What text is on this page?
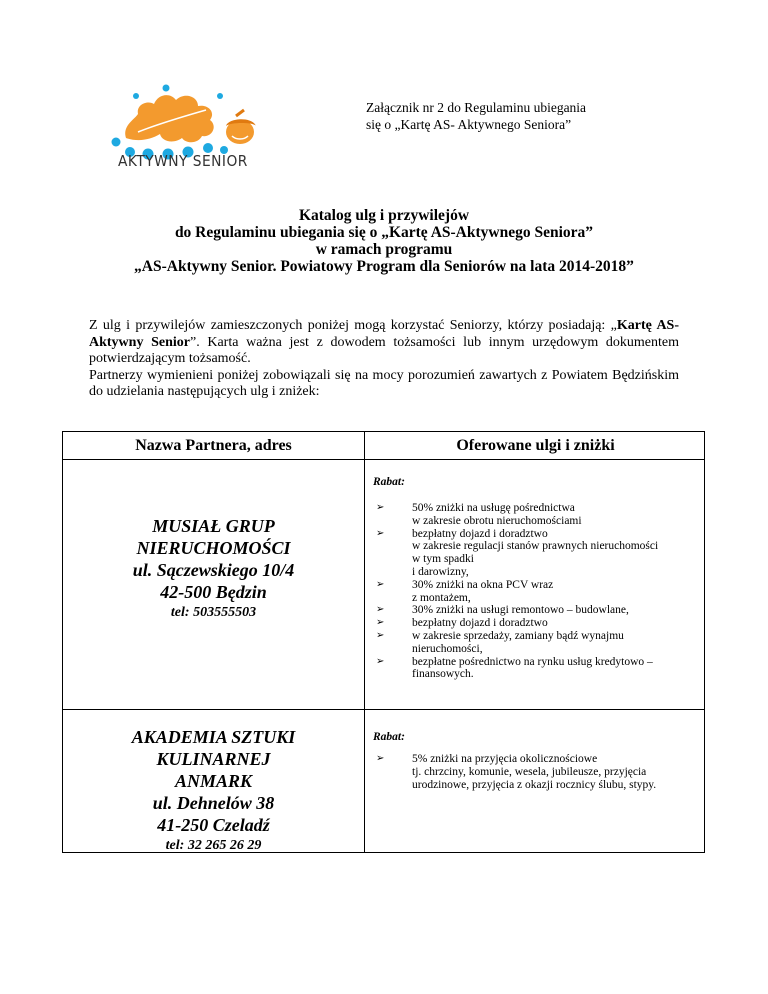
AKTYWNY SENIOR
Załącznik nr 2 do Regulaminu ubiegania
się o „Kartę AS- Aktywnego Seniora”
Katalog ulg i przywilejów
do Regulaminu ubiegania się o „Kartę AS-Aktywnego Seniora”
w ramach programu
„AS-Aktywny Senior. Powiatowy Program dla Seniorów na lata 2014-2018”

Z ulg i przywilejów zamieszczonych poniżej mogą korzystać Seniorzy, którzy posiadają: „Kartę AS-Aktywny Senior”. Karta ważna jest z dowodem tożsamości lub innym urzędowym dokumentem potwierdzającym tożsamość.

Partnerzy wymienieni poniżej zobowiązali się na mocy porozumień zawartych z Powiatem Będzińskim do udzielania następujących ulg i zniżek:

Nazwa Partnera, adres	Oferowane ulgi i zniżki
MUSIAŁ GRUP
NIERUCHOMOŚCI
ul. Sączewskiego 10/4
42-500 Będzin
tel: 503555503
Rabat:
➢ 50% zniżki na usługę pośrednictwa
w zakresie obrotu nieruchomościami
➢ bezpłatny dojazd i doradztwo
w zakresie regulacji stanów prawnych nieruchomości
w tym spadki
i darowizny,
➢ 30% zniżki na okna PCV wraz
z montażem,
➢ 30% zniżki na usługi remontowo – budowlane,
➢ bezpłatny dojazd i doradztwo
➢ w zakresie sprzedaży, zamiany bądź wynajmu
nieruchomości,
➢ bezpłatne pośrednictwo na rynku usług kredytowo –
finansowych.
AKADEMIA SZTUKI
KULINARNEJ
ANMARK
ul. Dehnelów 38
41-250 Czeladź
tel: 32 265 26 29
Rabat:
➢ 5% zniżki na przyjęcia okolicznościowe
tj. chrzciny, komunie, wesela, jubileusze, przyjęcia
urodzinowe, przyjęcia z okazji rocznicy ślubu, stypy.
